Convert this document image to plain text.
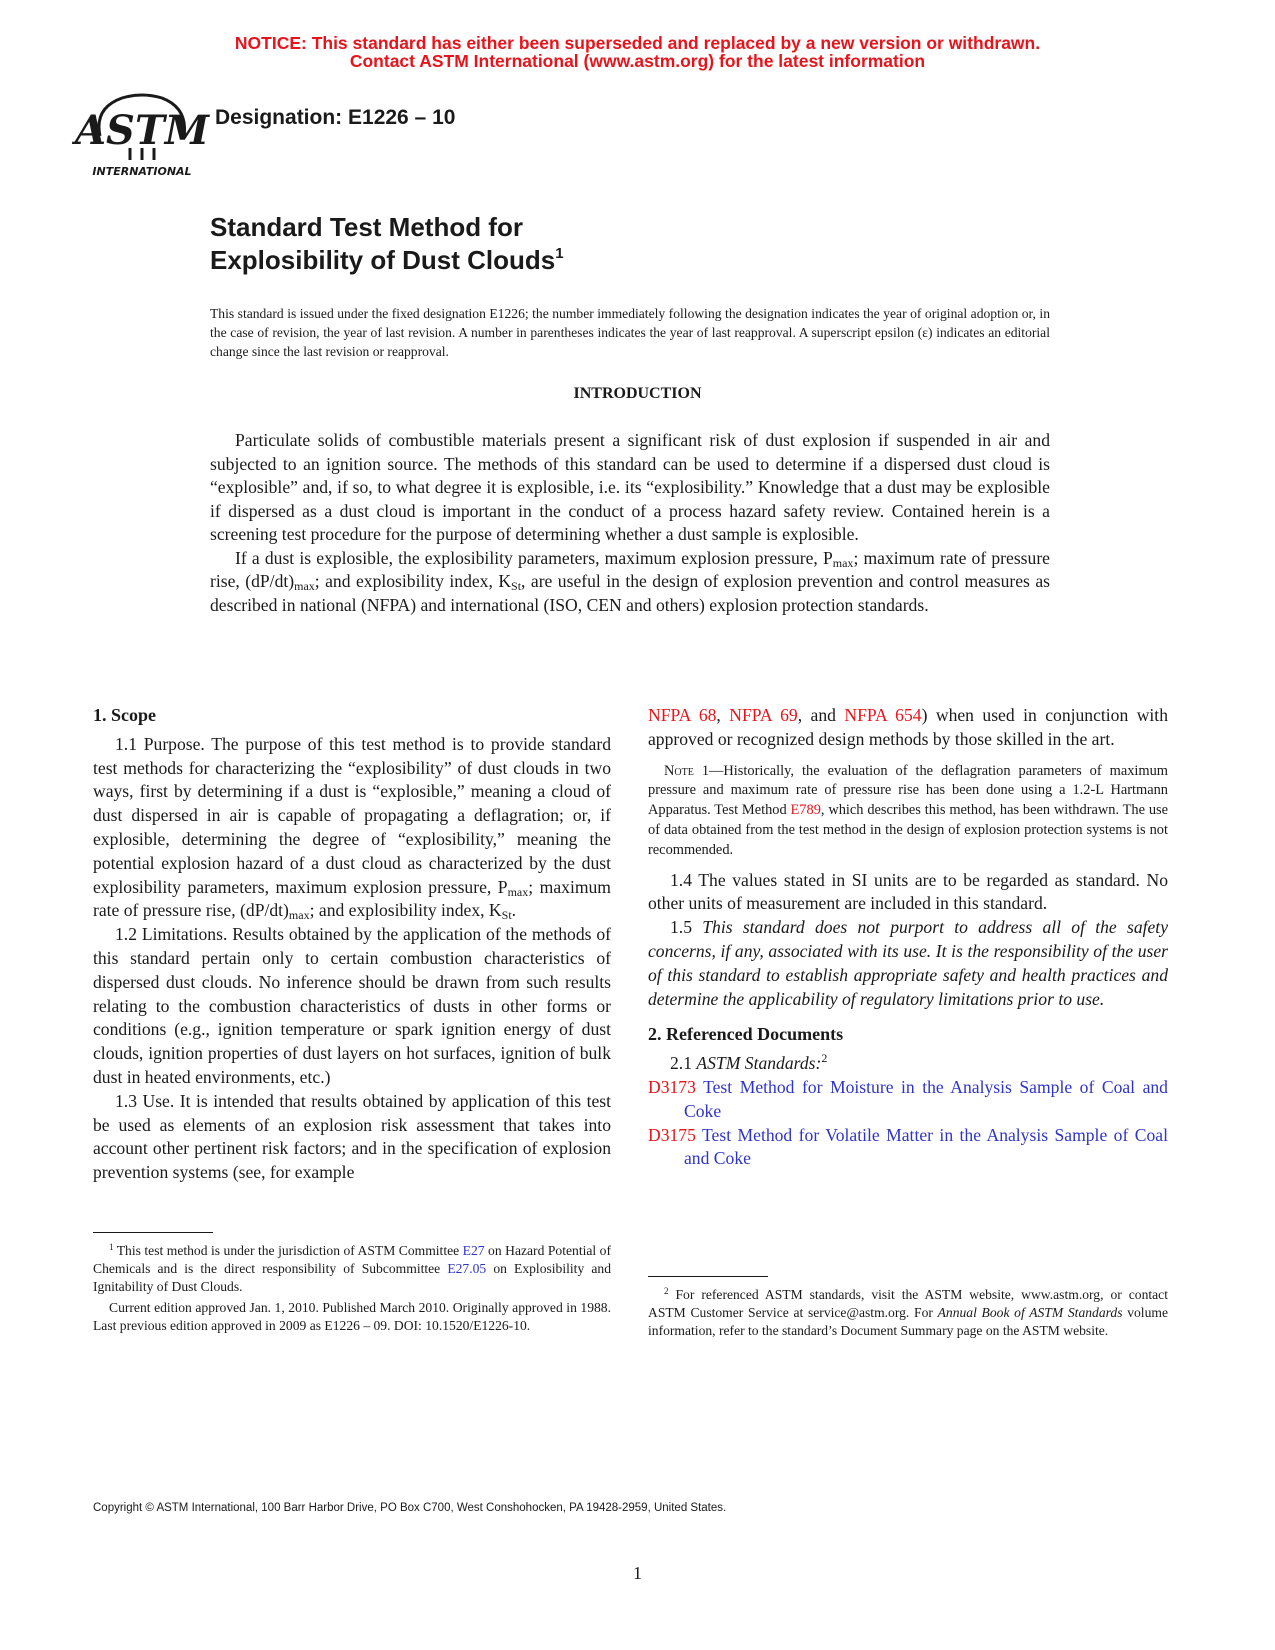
NOTICE: This standard has either been superseded and replaced by a new version or withdrawn.
Contact ASTM International (www.astm.org) for the latest information
ASTM
INTERNATIONAL
Designation: E1226 – 10
Standard Test Method for
Explosibility of Dust Clouds$^1$
This standard is issued under the fixed designation E1226; the number immediately following the designation indicates the year of original adoption or, in the case of revision, the year of last revision. A number in parentheses indicates the year of last reapproval. A superscript epsilon (ε) indicates an editorial change since the last revision or reapproval.
INTRODUCTION

Particulate solids of combustible materials present a significant risk of dust explosion if suspended in air and subjected to an ignition source. The methods of this standard can be used to determine if a dispersed dust cloud is “explosible” and, if so, to what degree it is explosible, i.e. its “explosibility.” Knowledge that a dust may be explosible if dispersed as a dust cloud is important in the conduct of a process hazard safety review. Contained herein is a screening test procedure for the purpose of determining whether a dust sample is explosible.

If a dust is explosible, the explosibility parameters, maximum explosion pressure, $P_{max}$; maximum rate of pressure rise, $(dP/dt)_{max}$; and explosibility index, $K_{St}$, are useful in the design of explosion prevention and control measures as described in national (NFPA) and international (ISO, CEN and others) explosion protection standards.

1. Scope

1.1 Purpose. The purpose of this test method is to provide standard test methods for characterizing the “explosibility” of dust clouds in two ways, first by determining if a dust is “explosible,” meaning a cloud of dust dispersed in air is capable of propagating a deflagration; or, if explosible, determining the degree of “explosibility,” meaning the potential explosion hazard of a dust cloud as characterized by the dust explosibility parameters, maximum explosion pressure, $P_{max}$; maximum rate of pressure rise, $(dP/dt)_{max}$; and explosibility index, $K_{St}$.

1.2 Limitations. Results obtained by the application of the methods of this standard pertain only to certain combustion characteristics of dispersed dust clouds. No inference should be drawn from such results relating to the combustion characteristics of dusts in other forms or conditions (e.g., ignition temperature or spark ignition energy of dust clouds, ignition properties of dust layers on hot surfaces, ignition of bulk dust in heated environments, etc.)

1.3 Use. It is intended that results obtained by application of this test be used as elements of an explosion risk assessment that takes into account other pertinent risk factors; and in the specification of explosion prevention systems (see, for example

$^1$ This test method is under the jurisdiction of ASTM Committee E27 on Hazard Potential of Chemicals and is the direct responsibility of Subcommittee E27.05 on Explosibility and Ignitability of Dust Clouds.

Current edition approved Jan. 1, 2010. Published March 2010. Originally approved in 1988. Last previous edition approved in 2009 as E1226 – 09. DOI: 10.1520/E1226-10.

NFPA 68, NFPA 69, and NFPA 654) when used in conjunction with approved or recognized design methods by those skilled in the art.

Note 1—Historically, the evaluation of the deflagration parameters of maximum pressure and maximum rate of pressure rise has been done using a 1.2-L Hartmann Apparatus. Test Method E789, which describes this method, has been withdrawn. The use of data obtained from the test method in the design of explosion protection systems is not recommended.

1.4 The values stated in SI units are to be regarded as standard. No other units of measurement are included in this standard.

1.5 This standard does not purport to address all of the safety concerns, if any, associated with its use. It is the responsibility of the user of this standard to establish appropriate safety and health practices and determine the applicability of regulatory limitations prior to use.

2. Referenced Documents

2.1 ASTM Standards:$^2$

D3173 Test Method for Moisture in the Analysis Sample of Coal and Coke

D3175 Test Method for Volatile Matter in the Analysis Sample of Coal and Coke

$^2$ For referenced ASTM standards, visit the ASTM website, www.astm.org, or contact ASTM Customer Service at service@astm.org. For Annual Book of ASTM Standards volume information, refer to the standard’s Document Summary page on the ASTM website.

Copyright © ASTM International, 100 Barr Harbor Drive, PO Box C700, West Conshohocken, PA 19428-2959, United States.
1
